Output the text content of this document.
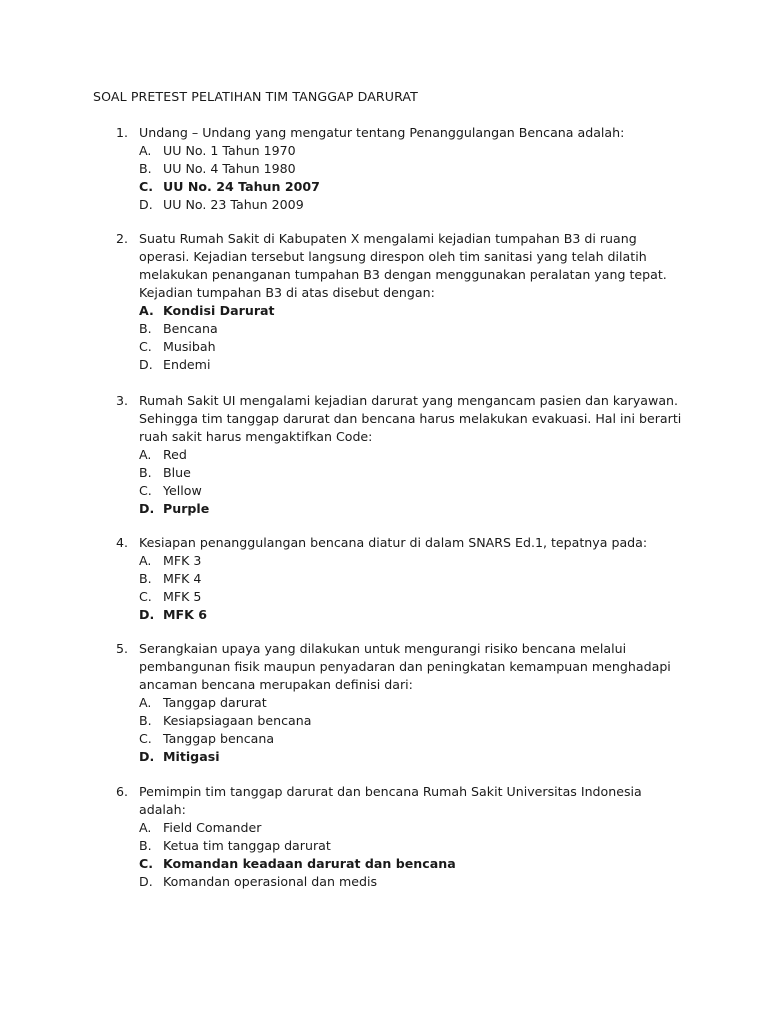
SOAL PRETEST PELATIHAN TIM TANGGAP DARURAT
1. Undang – Undang yang mengatur tentang Penanggulangan Bencana adalah:
A. UU No. 1 Tahun 1970
B. UU No. 4 Tahun 1980
C. UU No. 24 Tahun 2007
D. UU No. 23 Tahun 2009
2. Suatu Rumah Sakit di Kabupaten X mengalami kejadian tumpahan B3 di ruang
operasi. Kejadian tersebut langsung direspon oleh tim sanitasi yang telah dilatih
melakukan penanganan tumpahan B3 dengan menggunakan peralatan yang tepat.
Kejadian tumpahan B3 di atas disebut dengan:
A. Kondisi Darurat
B. Bencana
C. Musibah
D. Endemi
3. Rumah Sakit UI mengalami kejadian darurat yang mengancam pasien dan karyawan.
Sehingga tim tanggap darurat dan bencana harus melakukan evakuasi. Hal ini berarti
ruah sakit harus mengaktifkan Code:
A. Red
B. Blue
C. Yellow
D. Purple
4. Kesiapan penanggulangan bencana diatur di dalam SNARS Ed.1, tepatnya pada:
A. MFK 3
B. MFK 4
C. MFK 5
D. MFK 6
5. Serangkaian upaya yang dilakukan untuk mengurangi risiko bencana melalui
pembangunan fisik maupun penyadaran dan peningkatan kemampuan menghadapi
ancaman bencana merupakan definisi dari:
A. Tanggap darurat
B. Kesiapsiagaan bencana
C. Tanggap bencana
D. Mitigasi
6. Pemimpin tim tanggap darurat dan bencana Rumah Sakit Universitas Indonesia
adalah:
A. Field Comander
B. Ketua tim tanggap darurat
C. Komandan keadaan darurat dan bencana
D. Komandan operasional dan medis
